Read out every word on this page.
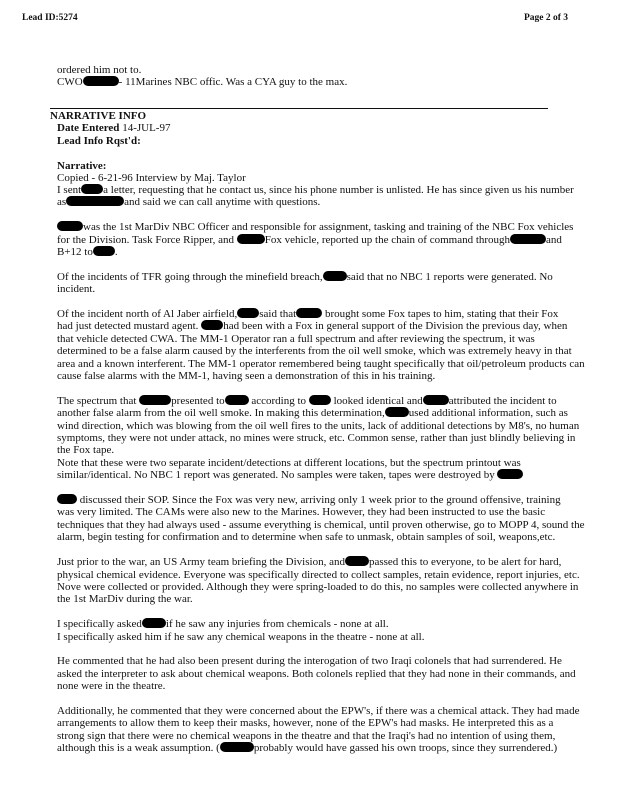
Lead ID:5274	Page 2 of 3
ordered him not to.
CWO	- 11Marines NBC offic. Was a CYA guy to the max.
NARRATIVE INFO
Date Entered 14-JUL-97
Lead Info Rqst'd:
Narrative:
Copied - 6-21-96 Interview by Maj. Taylor
I sent a letter, requesting that he contact us, since his phone number is unlisted. He has since given us his number
as	and said we can call anytime with questions.
was the 1st MarDiv NBC Officer and responsible for assignment, tasking and training of the NBC Fox vehicles
for the Division. Task Force Ripper, and	Fox vehicle, reported up the chain of command through	and
B+12 to .
Of the incidents of TFR going through the minefield breach, said that no NBC 1 reports were generated. No
incident.
Of the incident north of Al Jaber airfield, said that	brought some Fox tapes to him, stating that their Fox
had just detected mustard agent. had been with a Fox in general support of the Division the previous day, when
that vehicle detected CWA. The MM-1 Operator ran a full spectrum and after reviewing the spectrum, it was
determined to be a false alarm caused by the interferents from the oil well smoke, which was extremely heavy in that
area and a known interferent. The MM-1 operator remembered being taught specifically that oil/petroleum products can
cause false alarms with the MM-1, having seen a demonstration of this in his training.
The spectrum that	presented to according to	looked identical and attributed the incident to
another false alarm from the oil well smoke. In making this determination, used additional information, such as
wind direction, which was blowing from the oil well fires to the units, lack of additional detections by M8's, no human
symptoms, they were not under attack, no mines were struck, etc. Common sense, rather than just blindly believing in
the Fox tape.
Note that these were two separate incident/detections at different locations, but the spectrum printout was
similar/identical. No NBC 1 report was generated. No samples were taken, tapes were destroyed by
discussed their SOP. Since the Fox was very new, arriving only 1 week prior to the ground offensive, training
was very limited. The CAMs were also new to the Marines. However, they had been instructed to use the basic
techniques that they had always used - assume everything is chemical, until proven otherwise, go to MOPP 4, sound the
alarm, begin testing for confirmation and to determine when safe to unmask, obtain samples of soil, weapons,etc.
Just prior to the war, an US Army team briefing the Division, and passed this to everyone, to be alert for hard,
physical chemical evidence. Everyone was specifically directed to collect samples, retain evidence, report injuries, etc.
Nove were collected or provided. Although they were spring-loaded to do this, no samples were collected anywhere in
the 1st MarDiv during the war.
I specifically asked if he saw any injuries from chemicals - none at all.
I specifically asked him if he saw any chemical weapons in the theatre - none at all.
He commented that he had also been present during the interogation of two Iraqi colonels that had surrendered. He
asked the interpreter to ask about chemical weapons. Both colonels replied that they had none in their commands, and
none were in the theatre.
Additionally, he commented that they were concerned about the EPW's, if there was a chemical attack. They had made
arrangements to allow them to keep their masks, however, none of the EPW's had masks. He interpreted this as a
strong sign that there were no chemical weapons in the theatre and that the Iraqi's had no intention of using them,
although this is a weak assumption. (	probably would have gassed his own troops, since they surrendered.)
